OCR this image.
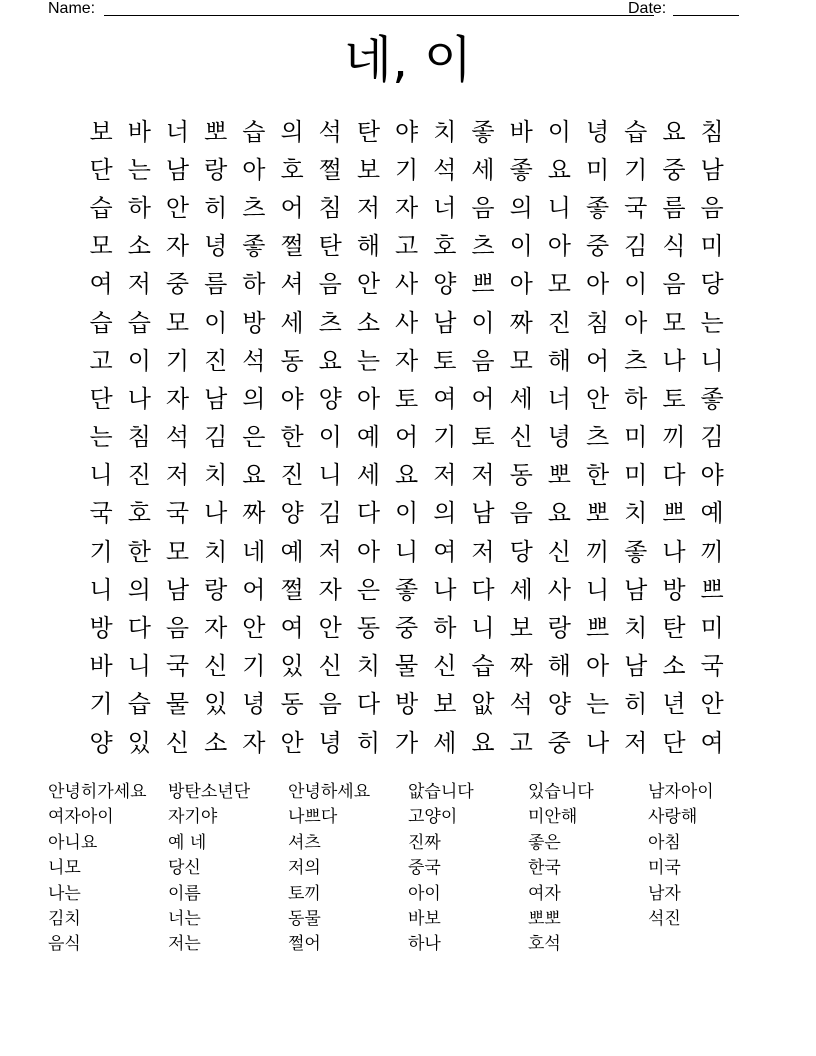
Name:	Date:
네, 이
보 바 너 뽀 습 의 석 탄 야 치 좋 바 이 녕 습 요 침
단 는 남 랑 아 호 쩔 보 기 석 세 좋 요 미 기 중 남
습 하 안 히 츠 어 침 저 자 너 음 의 니 좋 국 름 음
모 소 자 녕 좋 쩔 탄 해 고 호 츠 이 아 중 김 식 미
여 저 중 름 하 셔 음 안 사 양 쁘 아 모 아 이 음 당
습 습 모 이 방 세 츠 소 사 남 이 짜 진 침 아 모 는
고 이 기 진 석 동 요 는 자 토 음 모 해 어 츠 나 니
단 나 자 남 의 야 양 아 토 여 어 세 너 안 하 토 좋
는 침 석 김 은 한 이 예 어 기 토 신 녕 츠 미 끼 김
니 진 저 치 요 진 니 세 요 저 저 동 뽀 한 미 다 야
국 호 국 나 짜 양 김 다 이 의 남 음 요 뽀 치 쁘 예
기 한 모 치 네 예 저 아 니 여 저 당 신 끼 좋 나 끼
니 의 남 랑 어 쩔 자 은 좋 나 다 세 사 니 남 방 쁘
방 다 음 자 안 여 안 동 중 하 니 보 랑 쁘 치 탄 미
바 니 국 신 기 있 신 치 물 신 습 짜 해 아 남 소 국
기 습 물 있 녕 동 음 다 방 보 앖 석 양 는 히 년 안
양 있 신 소 자 안 녕 히 가 세 요 고 중 나 저 단 여
안녕히가세요	방탄소년단	안녕하세요	앖습니다	있습니다	남자아이
여자아이	자기야	나쁘다	고양이	미안해	사랑해
아니요	예 네	셔츠	진짜	좋은	아침
니모	당신	저의	중국	한국	미국
나는	이름	토끼	아이	여자	남자
김치	너는	동물	바보	뽀뽀	석진
음식	저는	쩔어	하나	호석
